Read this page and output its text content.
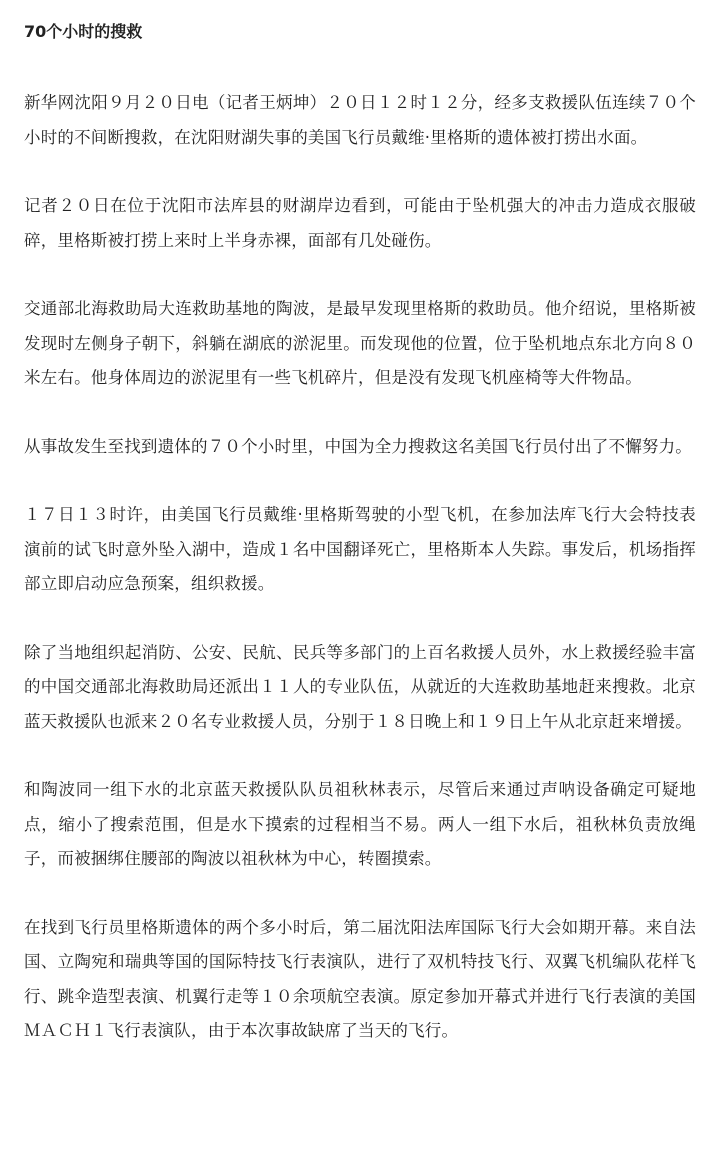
70个小时的搜救

新华网沈阳９月２０日电（记者王炳坤）２０日１２时１２分，经多支救援队伍连续７０个小时的不间断搜救，在沈阳财湖失事的美国飞行员戴维·里格斯的遗体被打捞出水面。

记者２０日在位于沈阳市法库县的财湖岸边看到，可能由于坠机强大的冲击力造成衣服破碎，里格斯被打捞上来时上半身赤裸，面部有几处碰伤。

交通部北海救助局大连救助基地的陶波，是最早发现里格斯的救助员。他介绍说，里格斯被发现时左侧身子朝下，斜躺在湖底的淤泥里。而发现他的位置，位于坠机地点东北方向８０米左右。他身体周边的淤泥里有一些飞机碎片，但是没有发现飞机座椅等大件物品。

从事故发生至找到遗体的７０个小时里，中国为全力搜救这名美国飞行员付出了不懈努力。

１７日１３时许，由美国飞行员戴维·里格斯驾驶的小型飞机，在参加法库飞行大会特技表演前的试飞时意外坠入湖中，造成１名中国翻译死亡，里格斯本人失踪。事发后，机场指挥部立即启动应急预案，组织救援。

除了当地组织起消防、公安、民航、民兵等多部门的上百名救援人员外，水上救援经验丰富的中国交通部北海救助局还派出１１人的专业队伍，从就近的大连救助基地赶来搜救。北京蓝天救援队也派来２０名专业救援人员，分别于１８日晚上和１９日上午从北京赶来增援。

和陶波同一组下水的北京蓝天救援队队员祖秋林表示，尽管后来通过声呐设备确定可疑地点，缩小了搜索范围，但是水下摸索的过程相当不易。两人一组下水后，祖秋林负责放绳子，而被捆绑住腰部的陶波以祖秋林为中心，转圈摸索。

在找到飞行员里格斯遗体的两个多小时后，第二届沈阳法库国际飞行大会如期开幕。来自法国、立陶宛和瑞典等国的国际特技飞行表演队，进行了双机特技飞行、双翼飞机编队花样飞行、跳伞造型表演、机翼行走等１０余项航空表演。原定参加开幕式并进行飞行表演的美国ＭＡＣＨ１飞行表演队，由于本次事故缺席了当天的飞行。
